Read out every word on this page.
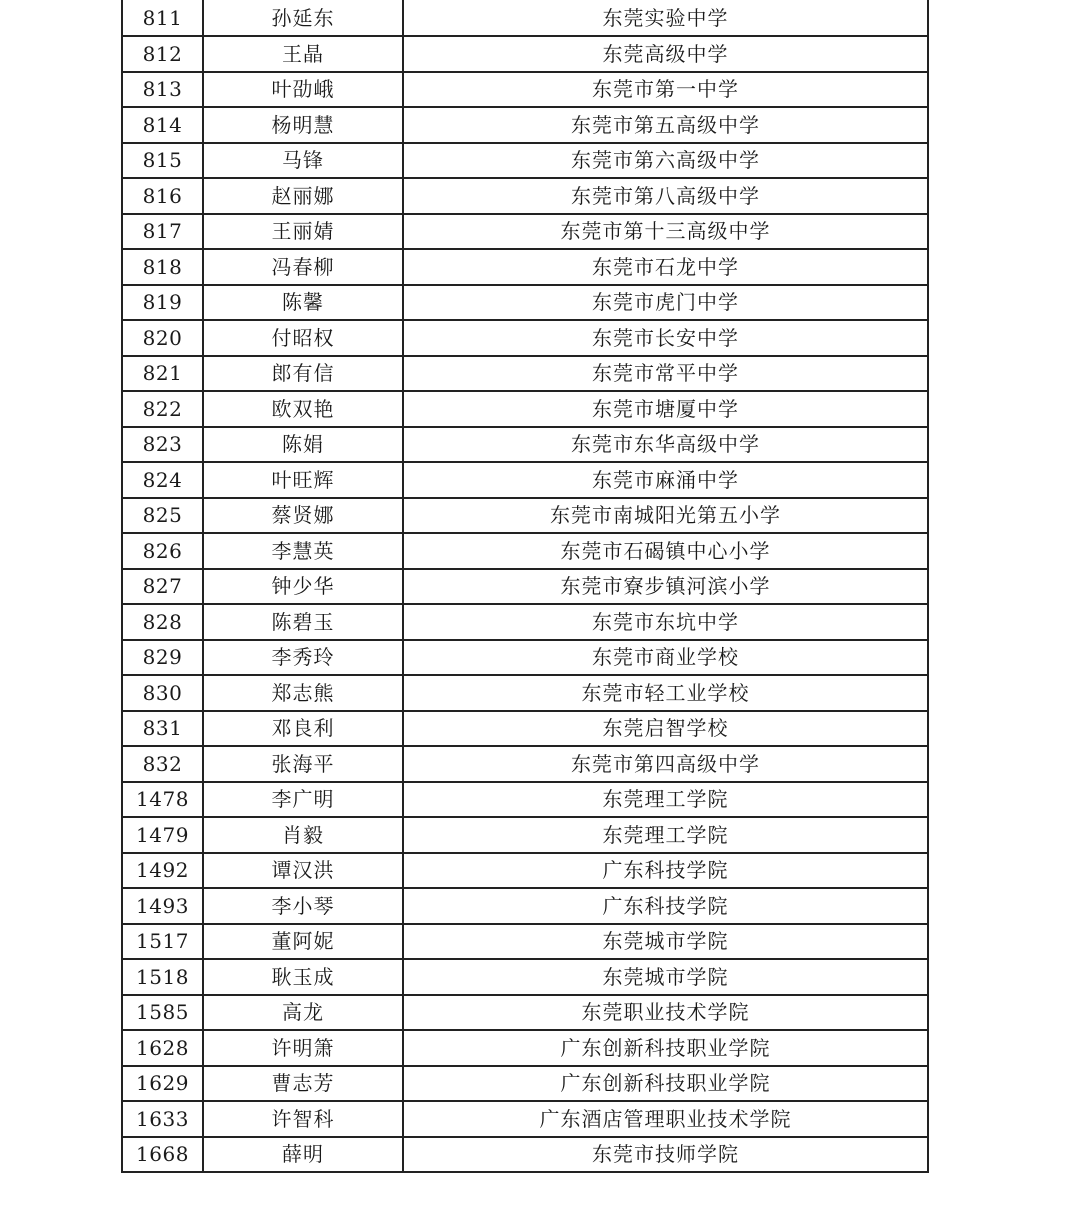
811	孙延东	东莞实验中学
812	王晶	东莞高级中学
813	叶劭峨	东莞市第一中学
814	杨明慧	东莞市第五高级中学
815	马锋	东莞市第六高级中学
816	赵丽娜	东莞市第八高级中学
817	王丽婧	东莞市第十三高级中学
818	冯春柳	东莞市石龙中学
819	陈馨	东莞市虎门中学
820	付昭权	东莞市长安中学
821	郎有信	东莞市常平中学
822	欧双艳	东莞市塘厦中学
823	陈娟	东莞市东华高级中学
824	叶旺辉	东莞市麻涌中学
825	蔡贤娜	东莞市南城阳光第五小学
826	李慧英	东莞市石碣镇中心小学
827	钟少华	东莞市寮步镇河滨小学
828	陈碧玉	东莞市东坑中学
829	李秀玲	东莞市商业学校
830	郑志熊	东莞市轻工业学校
831	邓良利	东莞启智学校
832	张海平	东莞市第四高级中学
1478	李广明	东莞理工学院
1479	肖毅	东莞理工学院
1492	谭汉洪	广东科技学院
1493	李小琴	广东科技学院
1517	董阿妮	东莞城市学院
1518	耿玉成	东莞城市学院
1585	高龙	东莞职业技术学院
1628	许明箫	广东创新科技职业学院
1629	曹志芳	广东创新科技职业学院
1633	许智科	广东酒店管理职业技术学院
1668	薛明	东莞市技师学院
